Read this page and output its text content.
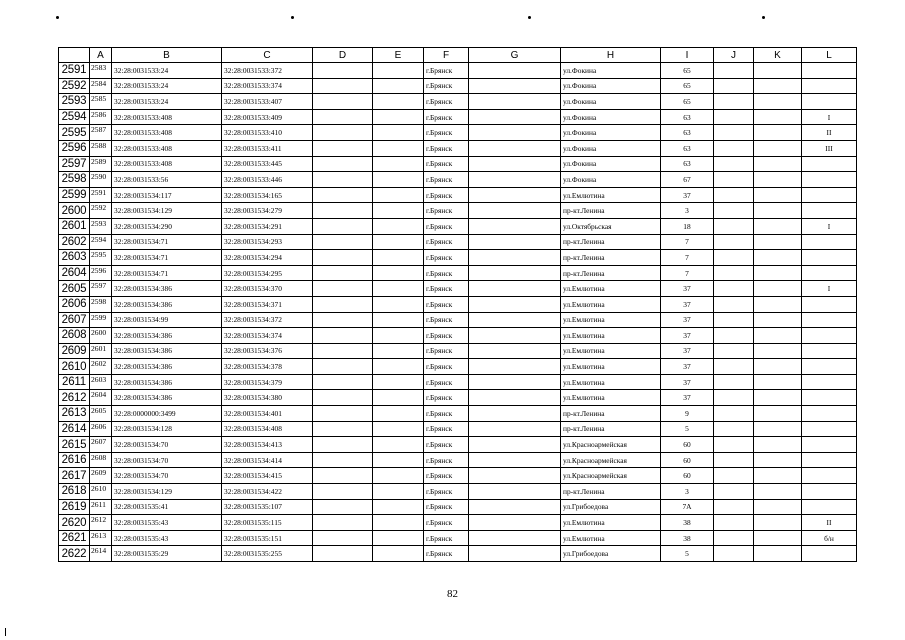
	A	B	C	D	E	F	G	H	I	J	K	L
2591	2583	32:28:0031533:24	32:28:0031533:372			г.Брянск		ул.Фокина	65			
2592	2584	32:28:0031533:24	32:28:0031533:374			г.Брянск		ул.Фокина	65			
2593	2585	32:28:0031533:24	32:28:0031533:407			г.Брянск		ул.Фокина	65			
2594	2586	32:28:0031533:408	32:28:0031533:409			г.Брянск		ул.Фокина	63			I
2595	2587	32:28:0031533:408	32:28:0031533:410			г.Брянск		ул.Фокина	63			II
2596	2588	32:28:0031533:408	32:28:0031533:411			г.Брянск		ул.Фокина	63			III
2597	2589	32:28:0031533:408	32:28:0031533:445			г.Брянск		ул.Фокина	63			
2598	2590	32:28:0031533:56	32:28:0031533:446			г.Брянск		ул.Фокина	67			
2599	2591	32:28:0031534:117	32:28:0031534:165			г.Брянск		ул.Емлютина	37			
2600	2592	32:28:0031534:129	32:28:0031534:279			г.Брянск		пр-кт.Ленина	3			
2601	2593	32:28:0031534:290	32:28:0031534:291			г.Брянск		ул.Октябрьская	18			I
2602	2594	32:28:0031534:71	32:28:0031534:293			г.Брянск		пр-кт.Ленина	7			
2603	2595	32:28:0031534:71	32:28:0031534:294			г.Брянск		пр-кт.Ленина	7			
2604	2596	32:28:0031534:71	32:28:0031534:295			г.Брянск		пр-кт.Ленина	7			
2605	2597	32:28:0031534:386	32:28:0031534:370			г.Брянск		ул.Емлютина	37			I
2606	2598	32:28:0031534:386	32:28:0031534:371			г.Брянск		ул.Емлютина	37			
2607	2599	32:28:0031534:99	32:28:0031534:372			г.Брянск		ул.Емлютина	37			
2608	2600	32:28:0031534:386	32:28:0031534:374			г.Брянск		ул.Емлютина	37			
2609	2601	32:28:0031534:386	32:28:0031534:376			г.Брянск		ул.Емлютина	37			
2610	2602	32:28:0031534:386	32:28:0031534:378			г.Брянск		ул.Емлютина	37			
2611	2603	32:28:0031534:386	32:28:0031534:379			г.Брянск		ул.Емлютина	37			
2612	2604	32:28:0031534:386	32:28:0031534:380			г.Брянск		ул.Емлютина	37			
2613	2605	32:28:0000000:3499	32:28:0031534:401			г.Брянск		пр-кт.Ленина	9			
2614	2606	32:28:0031534:128	32:28:0031534:408			г.Брянск		пр-кт.Ленина	5			
2615	2607	32:28:0031534:70	32:28:0031534:413			г.Брянск		ул.Красноармейская	60			
2616	2608	32:28:0031534:70	32:28:0031534:414			г.Брянск		ул.Красноармейская	60			
2617	2609	32:28:0031534:70	32:28:0031534:415			г.Брянск		ул.Красноармейская	60			
2618	2610	32:28:0031534:129	32:28:0031534:422			г.Брянск		пр-кт.Ленина	3			
2619	2611	32:28:0031535:41	32:28:0031535:107			г.Брянск		ул.Грибоедова	7А			
2620	2612	32:28:0031535:43	32:28:0031535:115			г.Брянск		ул.Емлютина	38			II
2621	2613	32:28:0031535:43	32:28:0031535:151			г.Брянск		ул.Емлютина	38			б/н
2622	2614	32:28:0031535:29	32:28:0031535:255			г.Брянск		ул.Грибоедова	5			
82
